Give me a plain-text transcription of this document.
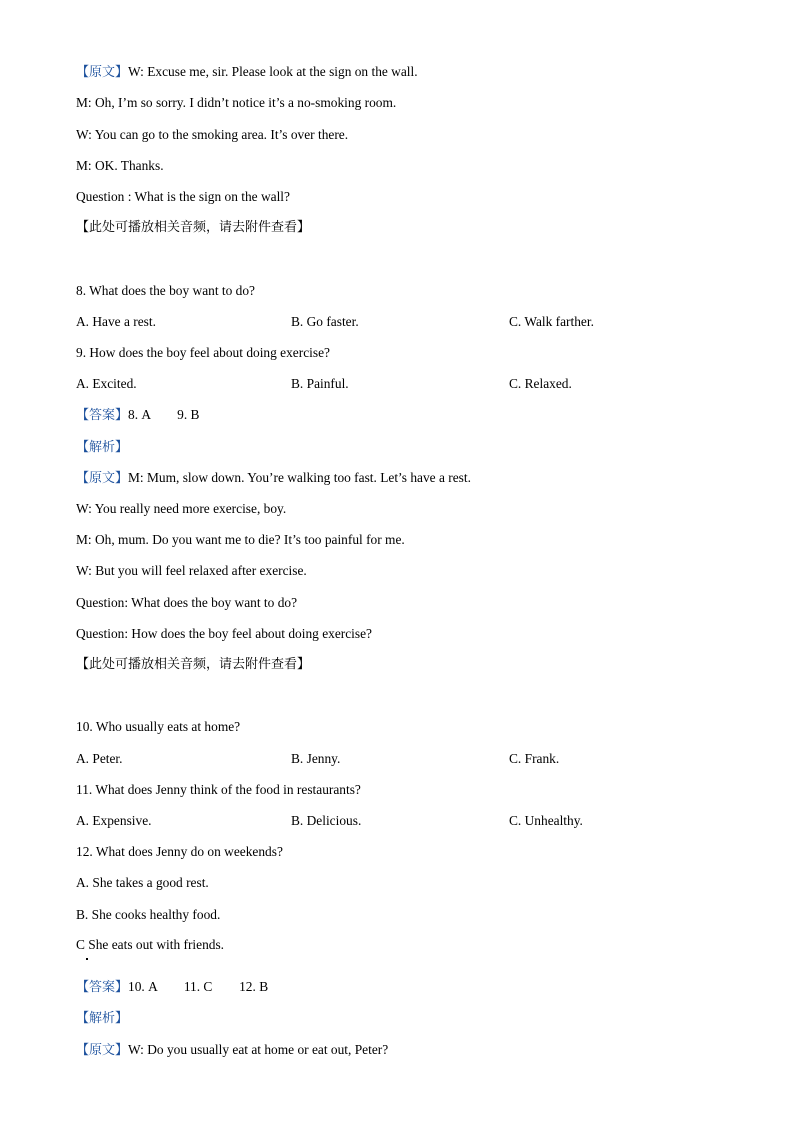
【原文】W: Excuse me, sir. Please look at the sign on the wall.
M: Oh, I’m so sorry. I didn’t notice it’s a no-smoking room.
W: You can go to the smoking area. It’s over there.
M: OK. Thanks.
Question : What is the sign on the wall?
【此处可播放相关音频，请去附件查看】
8. What does the boy want to do?
A. Have a rest.	B. Go faster.	C. Walk farther.
9. How does the boy feel about doing exercise?
A. Excited.	B. Painful.	C. Relaxed.
【答案】8. A        9. B
【解析】
【原文】M: Mum, slow down. You’re walking too fast. Let’s have a rest.
W: You really need more exercise, boy.
M: Oh, mum. Do you want me to die? It’s too painful for me.
W: But you will feel relaxed after exercise.
Question: What does the boy want to do?
Question: How does the boy feel about doing exercise?
【此处可播放相关音频，请去附件查看】
10. Who usually eats at home?
A. Peter.	B. Jenny.	C. Frank.
11. What does Jenny think of the food in restaurants?
A. Expensive.	B. Delicious.	C. Unhealthy.
12. What does Jenny do on weekends?
A. She takes a good rest.
B. She cooks healthy food.
C She eats out with friends.
【答案】10. A        11. C        12. B
【解析】
【原文】W: Do you usually eat at home or eat out, Peter?
